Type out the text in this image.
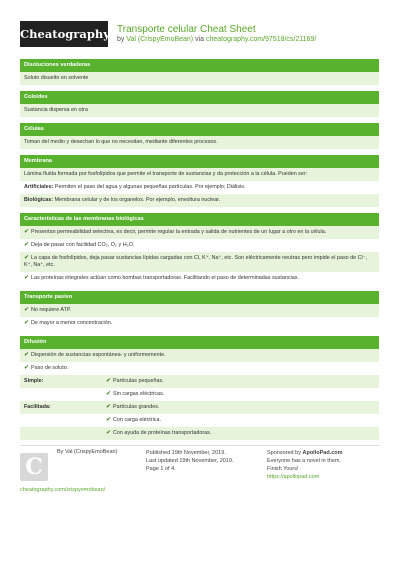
Cheatography Transporte celular Cheat Sheet
by Val (CrispyEmoBean) via cheatography.com/97518/cs/21169/
Disoluciones verdaderas
Soluto disuelto en solvente
Coloides
Sustancia dispersa en otra
Células
Toman del medio y desechan lo que no necesitan, mediante diferentes procesos.
Membrana
Lámina fluida formada por fosfolípidos que permite el transporte de sustancias y da protección a la célula. Pueden ser:
Artificiales: Permiten el paso del agua y algunas pequeñas partículas. Por ejemplo; Diálisis.
Biológicas: Membrana celular y de los organelos. Por ejemplo, envoltura nuclear.
Características de las membranas biológicas
✔ Presentan permeabilidad selectiva, es decir, permite regular la entrada y salida de nutrientes de un lugar a otro en la célula.
✔ Deja de pasar con facilidad CO₂, O₂ y H₂O.
✔ La capa de fosfolípidos, deja pasar sustancias lípidas cargadas con Cl, K⁺, Na⁺, etc. Son eléctricamente neutras pero impide el paso de Cl⁻, K⁺, Na⁺, etc.
✔ Las proteínas integrales actúan como bombas transportadoras. Facilitando el paso de determinadas sustancias.
Transporte pasivo
✔ No requiere ATP.
✔ De mayor a menor concentración.
Difusión
✔ Dispersión de sustancias espontánea- y uniformemente.
✔ Paso de soluto.
Simple:	✔ Partículas pequeñas.
✔ Sin cargas eléctricas.
Facilitada:	✔ Partículas grandes.
✔ Con carga eléctrica.
✔ Con ayuda de proteínas transportadoras.
C
By Val (CrispyEmoBean)
cheatography.com/crispyemobean/
Published 19th November, 2019.
Last updated 19th November, 2019.
Page 1 of 4.
Sponsored by ApolloPad.com
Everyone has a novel in them. Finish Yours!
https://apollopad.com
